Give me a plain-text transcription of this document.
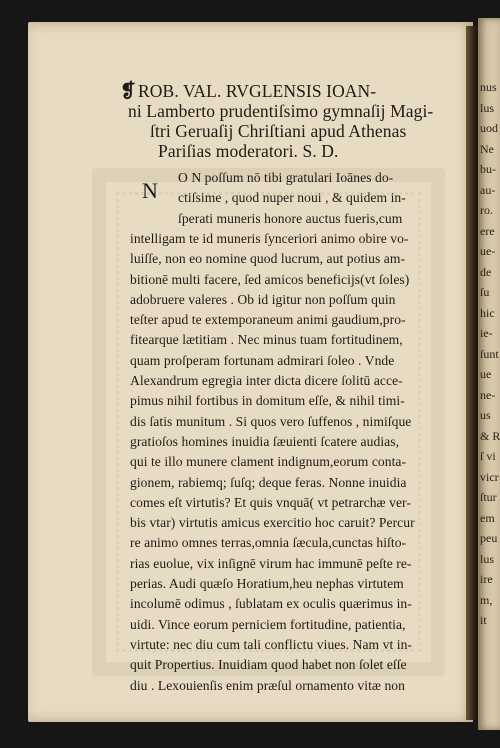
nus
lus
uod
Ne
bu-
au-
ro.
ere
ue-
de
ſu
hic
ie-
ſunt
ue
ne-
us
& R
ſ vi
vicr
ſtur
em
peu
lus
ire
m,
it
❡ ROB. VAL. RVGLENSIS IOAN-
ni Lamberto prudentiſsimo gymnaſij Magi-
ſtri Geruaſij Chriſtiani apud Athenas
Pariſias moderatori. S. D.
N
O N poſſum nō tibi gratulari Ioānes do-
ctiſsime , quod nuper noui , & quidem in-
ſperati muneris honore auctus fueris,cum
intelligam te id muneris ſynceriori animo obire vo-
luiſſe, non eo nomine quod lucrum, aut potius am-
bitionē multi facere, ſed amicos beneficijs(vt ſoles)
adobruere valeres . Ob id igitur non poſſum quin
teſter apud te extemporaneum animi gaudium,pro-
fitearque lætitiam . Nec minus tuam fortitudinem,
quam proſperam fortunam admirari ſoleo . Vnde
Alexandrum egregia inter dicta dicere ſolitū acce-
pimus nihil fortibus in domitum eſſe, & nihil timi-
dis ſatis munitum . Si quos vero ſuffenos , nimiſque
gratioſos homines inuidia ſæuienti ſcatere audias,
qui te illo munere clament indignum,eorum conta-
gionem, rabiemq; ſuſq; deque feras. Nonne inuidia
comes eſt virtutis? Et quis vnquā( vt petrarchæ ver-
bis vtar) virtutis amicus exercitio hoc caruit? Percur
re animo omnes terras,omnia ſæcula,cunctas hiſto-
rias euolue, vix inſignē virum hac immunē peſte re-
perias. Audi quæſo Horatium,heu nephas virtutem
incolumē odimus , ſublatam ex oculis quærimus in-
uidi. Vince eorum perniciem fortitudine, patientia,
virtute: nec diu cum tali conflictu viues. Nam vt in-
quit Propertius. Inuidiam quod habet non ſolet eſſe
diu . Lexouienſis enim præſul ornamento vitæ non
